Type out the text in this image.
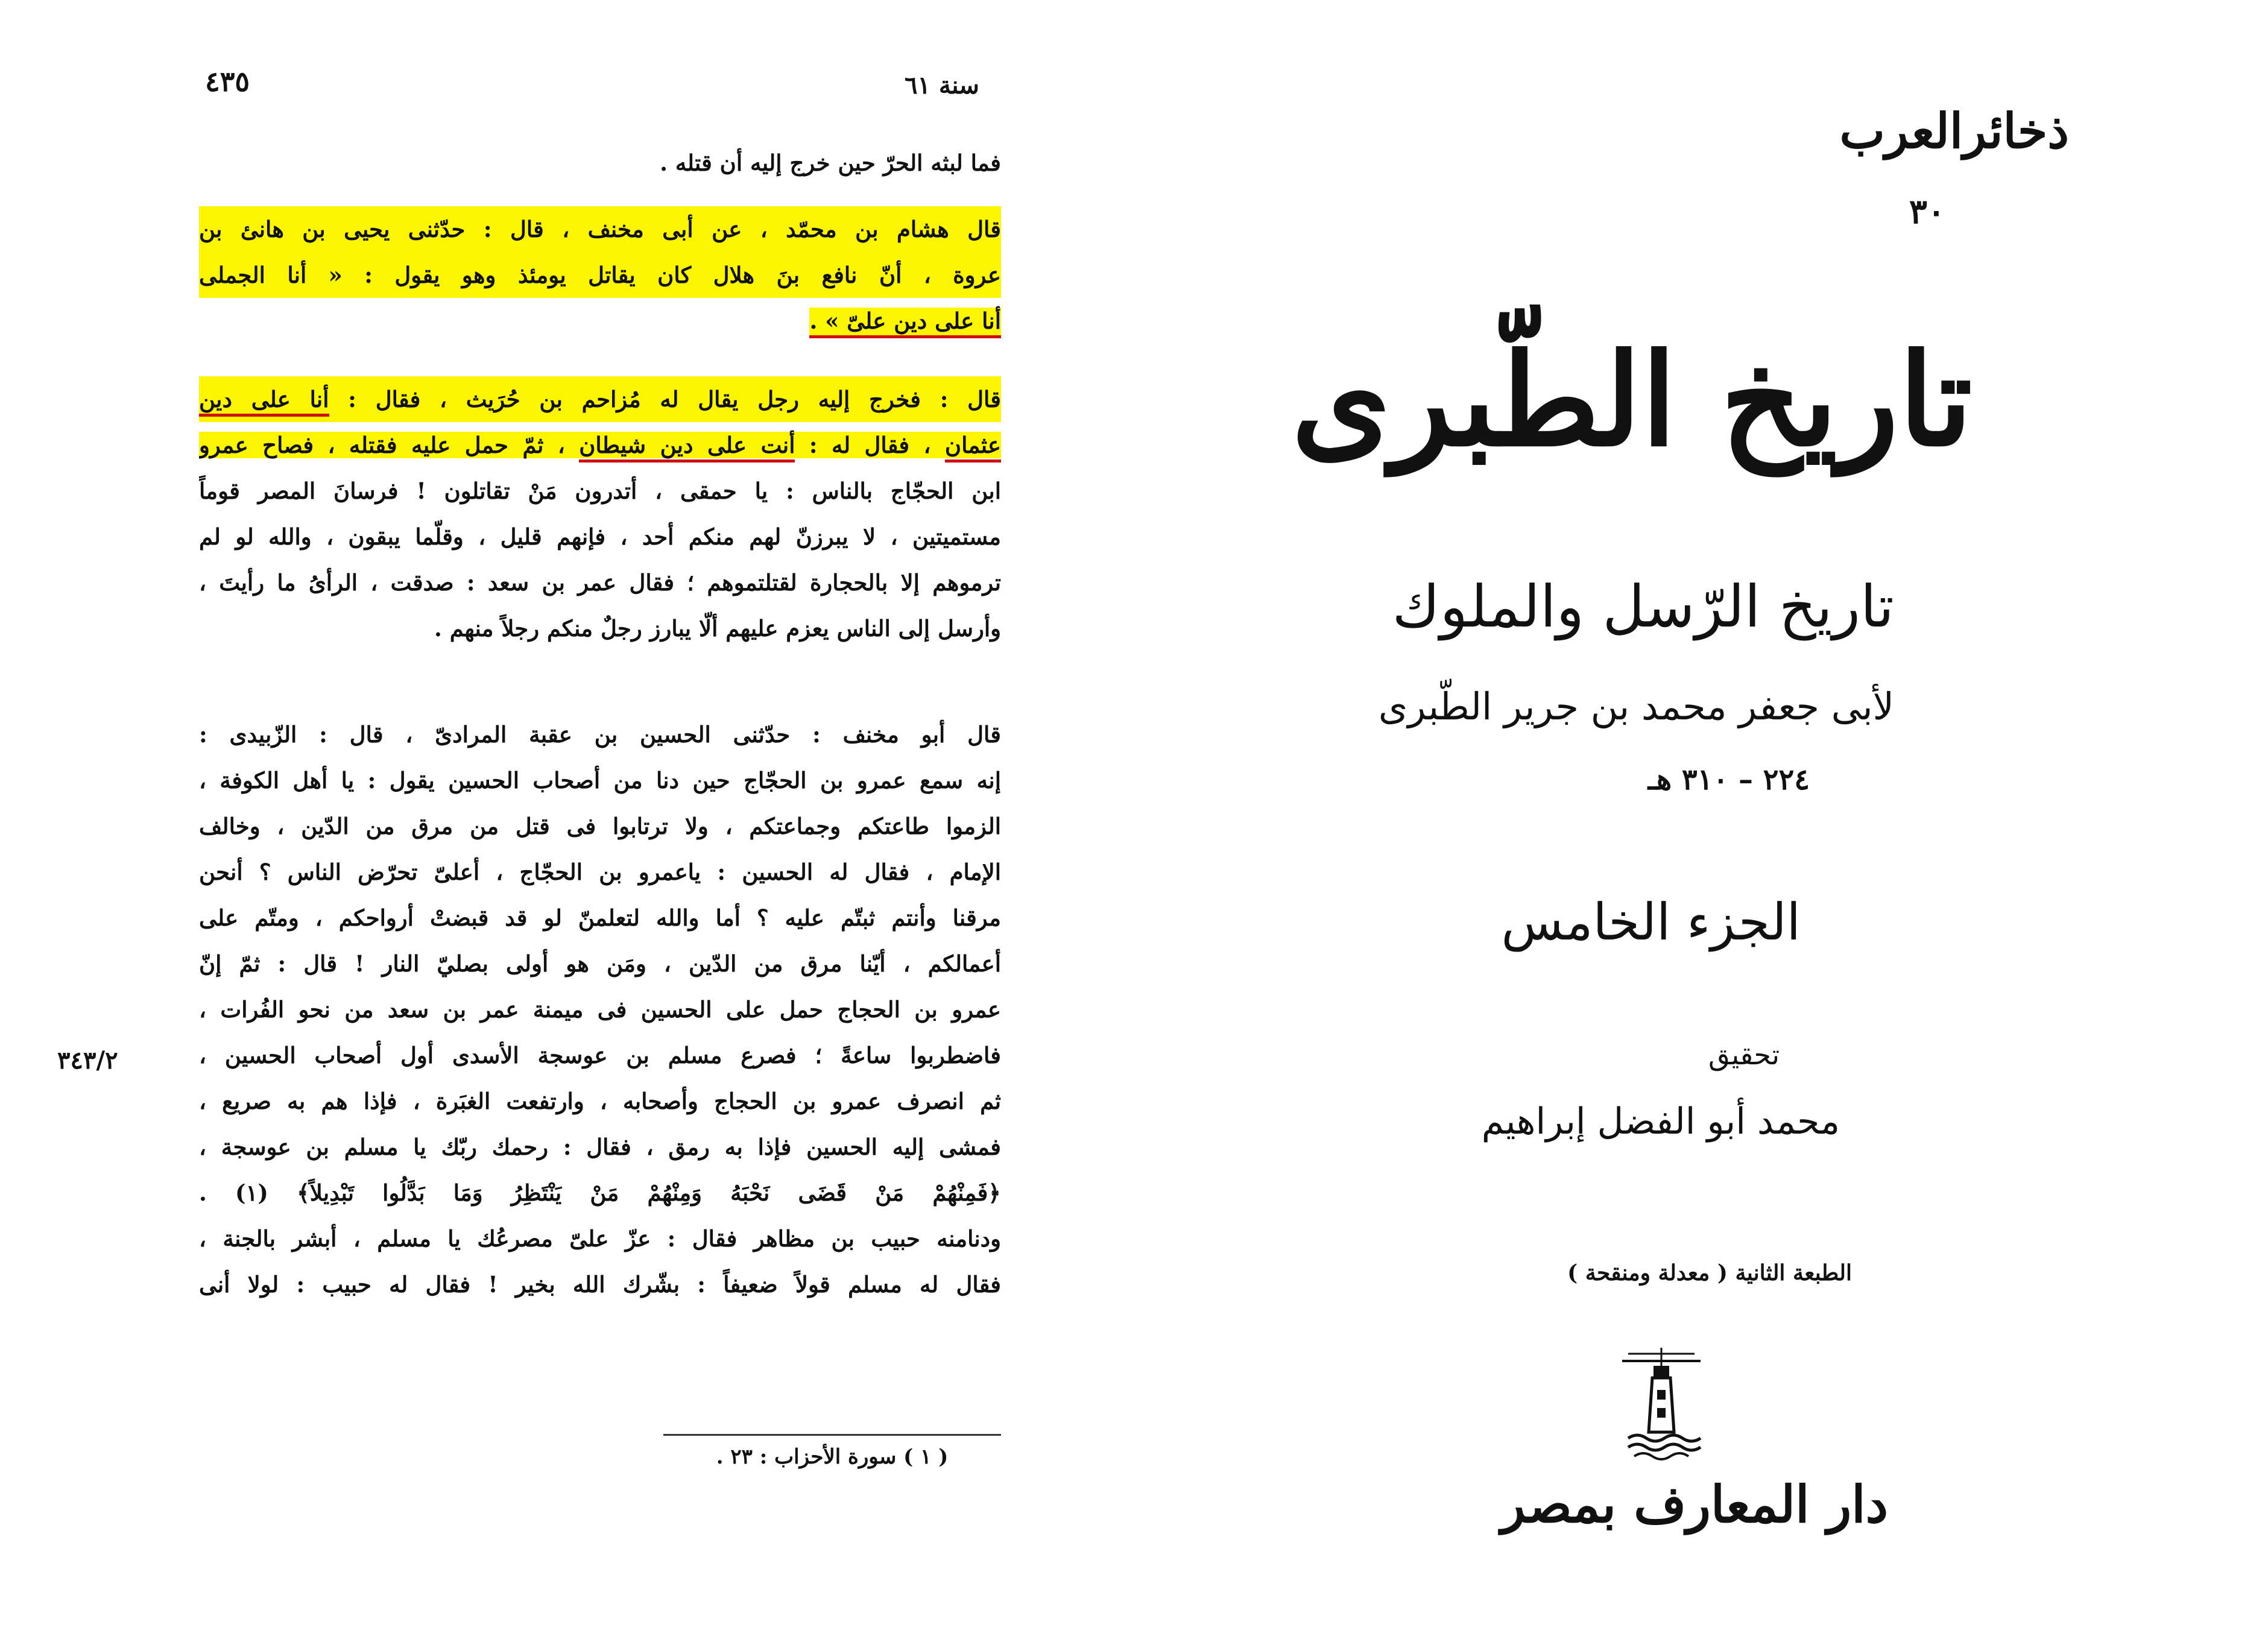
٤٣٥	سنة ٦١
فما لبثه الحرّ حين خرج إليه أن قتله .
قال هشام بن محمّد ، عن أبى مخنف ، قال : حدّثنى يحيى بن هانئ بن
عروة ، أنّ نافع بنَ هلال كان يقاتل يومئذ وهو يقول : « أنا الجملى
أنا على دين علىّ » .
قال : فخرج إليه رجل يقال له مُزاحم بن حُرَيث ، فقال : أنا على دين
عثمان ، فقال له : أنت على دين شيطان ، ثمّ حمل عليه فقتله ، فصاح عمرو
ابن الحجّاج بالناس : يا حمقى ، أتدرون مَنْ تقاتلون ! فرسانَ المصر قوماً
مستميتين ، لا يبرزنّ لهم منكم أحد ، فإنهم قليل ، وقلّما يبقون ، والله لو لم
ترموهم إلا بالحجارة لقتلتموهم ؛ فقال عمر بن سعد : صدقت ، الرأىُ ما رأيتَ ،
وأرسل إلى الناس يعزم عليهم ألّا يبارز رجلٌ منكم رجلاً منهم .
قال أبو مخنف : حدّثنى الحسين بن عقبة المرادىّ ، قال : الزّبيدى :
إنه سمع عمرو بن الحجّاج حين دنا من أصحاب الحسين يقول : يا أهل الكوفة ،
الزموا طاعتكم وجماعتكم ، ولا ترتابوا فى قتل من مرق من الدّين ، وخالف
الإمام ، فقال له الحسين : ياعمرو بن الحجّاج ، أعلىّ تحرّض الناس ؟ أنحن
مرقنا وأنتم ثبتّم عليه ؟ أما والله لتعلمنّ لو قد قبضتْ أرواحكم ، ومتّم على
أعمالكم ، أيّنا مرق من الدّين ، ومَن هو أولى بصليّ النار ! قال : ثمّ إنّ
عمرو بن الحجاج حمل على الحسين فى ميمنة عمر بن سعد من نحو الفُرات ،
فاضطربوا ساعةً ؛ فصرع مسلم بن عوسجة الأسدى أول أصحاب الحسين ،
ثم انصرف عمرو بن الحجاج وأصحابه ، وارتفعت الغبَرة ، فإذا هم به صريع ،
فمشى إليه الحسين فإذا به رمق ، فقال : رحمك ربّك يا مسلم بن عوسجة ،
﴿فَمِنْهُمْ مَنْ قَضَى نَحْبَهُ وَمِنْهُمْ مَنْ يَنْتَظِرُ وَمَا بَدَّلُوا تَبْدِيلاً﴾ (١) .
ودنامنه حبيب بن مظاهر فقال : عزّ علىّ مصرعُك يا مسلم ، أبشر بالجنة ،
فقال له مسلم قولاً ضعيفاً : بشّرك الله بخير ! فقال له حبيب : لولا أنى
٣٤٣/٢
( ١ ) سورة الأحزاب : ٢٣ .
ذخائرالعرب
٣٠
تاريخ الطّبرى
تاريخ الرّسل والملوك
لأبى جعفر محمد بن جرير الطّبرى
٢٢٤ – ٣١٠ هـ
الجزء الخامس
تحقيق
محمد أبو الفضل إبراهيم
الطبعة الثانية ( معدلة ومنقحة )
دار المعارف بمصر
